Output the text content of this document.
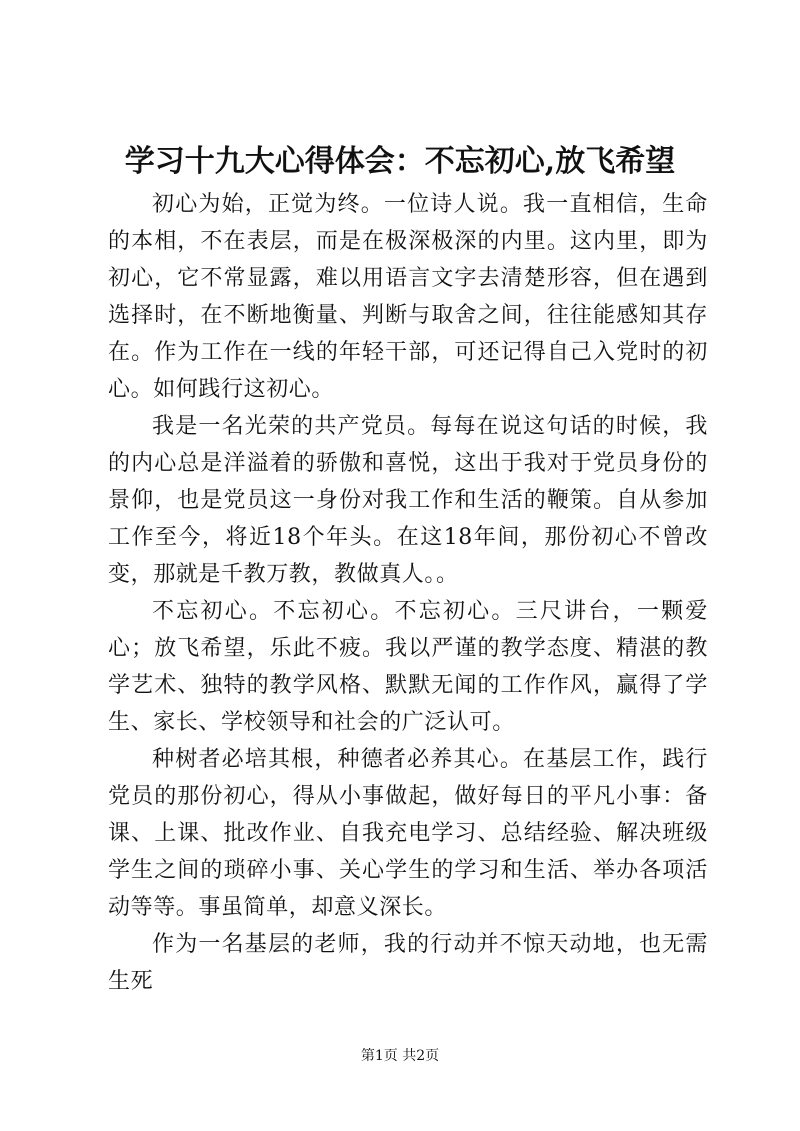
学习十九大心得体会：不忘初心,放飞希望

初心为始，正觉为终。一位诗人说。我一直相信，生命的本相，不在表层，而是在极深极深的内里。这内里，即为初心，它不常显露，难以用语言文字去清楚形容，但在遇到选择时，在不断地衡量、判断与取舍之间，往往能感知其存在。作为工作在一线的年轻干部，可还记得自己入党时的初心。如何践行这初心。

我是一名光荣的共产党员。每每在说这句话的时候，我的内心总是洋溢着的骄傲和喜悦，这出于我对于党员身份的景仰，也是党员这一身份对我工作和生活的鞭策。自从参加工作至今，将近18个年头。在这18年间，那份初心不曾改变，那就是千教万教，教做真人。。

不忘初心。不忘初心。不忘初心。三尺讲台，一颗爱心；放飞希望，乐此不疲。我以严谨的教学态度、精湛的教学艺术、独特的教学风格、默默无闻的工作作风，赢得了学生、家长、学校领导和社会的广泛认可。

种树者必培其根，种德者必养其心。在基层工作，践行党员的那份初心，得从小事做起，做好每日的平凡小事：备课、上课、批改作业、自我充电学习、总结经验、解决班级学生之间的琐碎小事、关心学生的学习和生活、举办各项活动等等。事虽简单，却意义深长。

作为一名基层的老师，我的行动并不惊天动地，也无需生死

第1页 共2页
